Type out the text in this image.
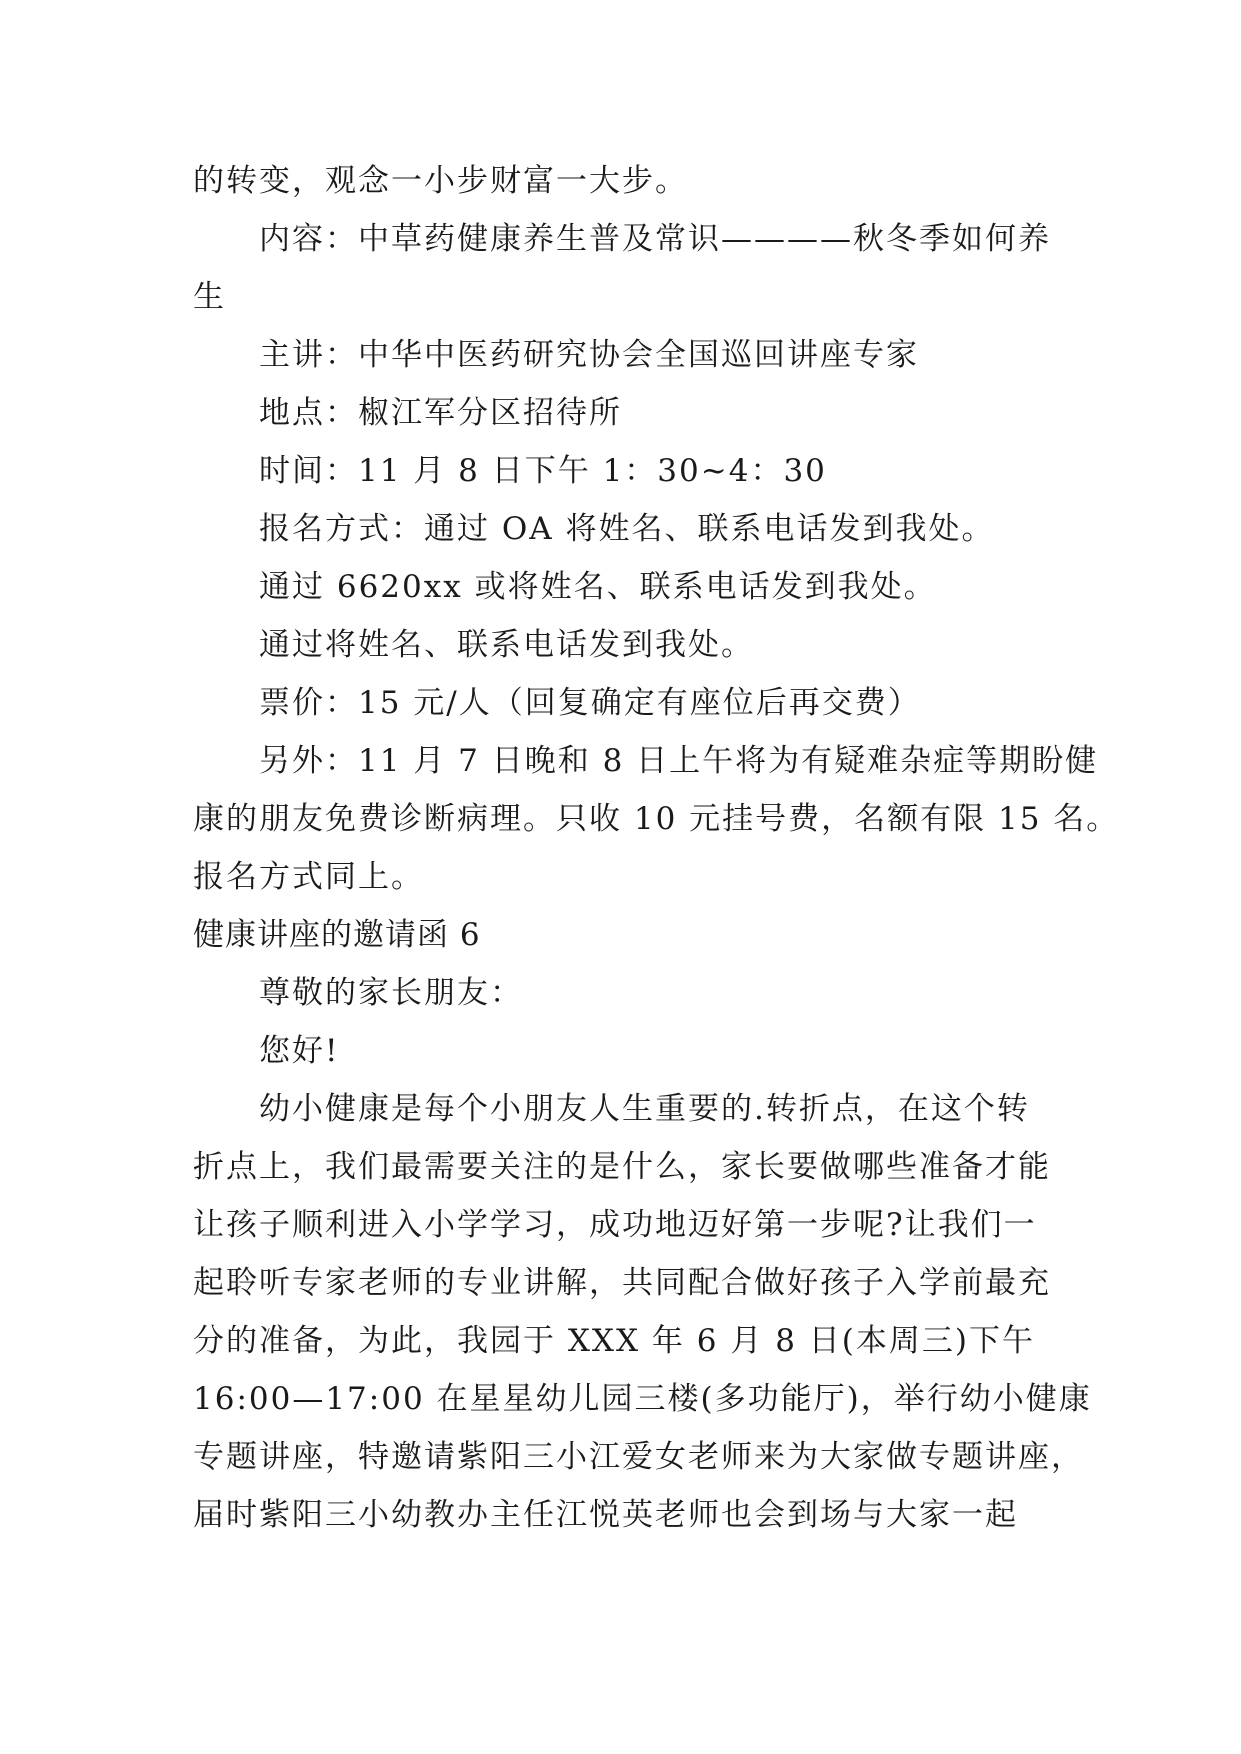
的转变，观念一小步财富一大步。
内容：中草药健康养生普及常识————秋冬季如何养
生
主讲：中华中医药研究协会全国巡回讲座专家
地点：椒江军分区招待所
时间：11 月 8 日下午 1：30~4：30
报名方式：通过 OA 将姓名、联系电话发到我处。
通过 6620xx 或将姓名、联系电话发到我处。
通过将姓名、联系电话发到我处。
票价：15 元/人（回复确定有座位后再交费）
另外：11 月 7 日晚和 8 日上午将为有疑难杂症等期盼健
康的朋友免费诊断病理。只收 10 元挂号费，名额有限 15 名。
报名方式同上。
健康讲座的邀请函 6
尊敬的家长朋友：
您好!
幼小健康是每个小朋友人生重要的.转折点，在这个转
折点上，我们最需要关注的是什么，家长要做哪些准备才能
让孩子顺利进入小学学习，成功地迈好第一步呢?让我们一
起聆听专家老师的专业讲解，共同配合做好孩子入学前最充
分的准备，为此，我园于 XXX 年 6 月 8 日(本周三)下午
16:00—17:00 在星星幼儿园三楼(多功能厅)，举行幼小健康
专题讲座，特邀请紫阳三小江爱女老师来为大家做专题讲座，
届时紫阳三小幼教办主任江悦英老师也会到场与大家一起
